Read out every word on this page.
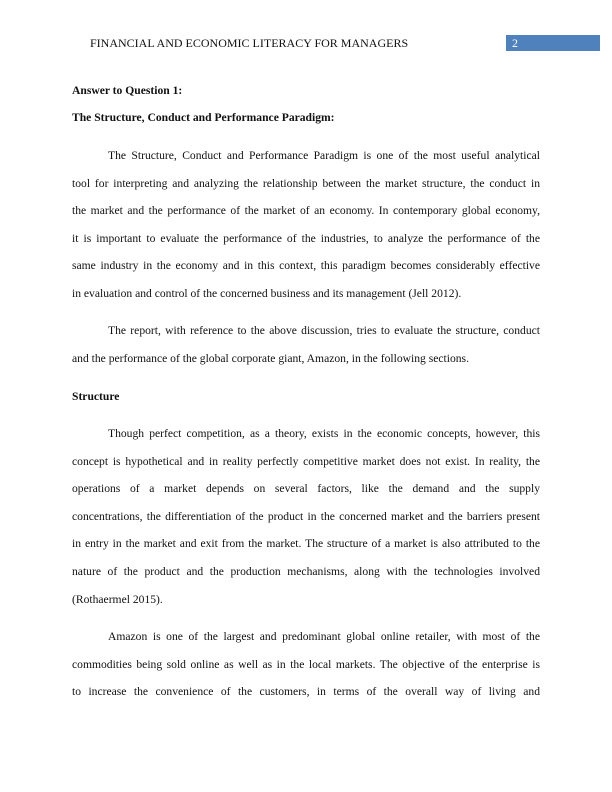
FINANCIAL AND ECONOMIC LITERACY FOR MANAGERS	2
Answer to Question 1:
The Structure, Conduct and Performance Paradigm:
Structure
The Structure, Conduct and Performance Paradigm is one of the most useful analytical
tool for interpreting and analyzing the relationship between the market structure, the conduct in
the market and the performance of the market of an economy. In contemporary global economy,
it is important to evaluate the performance of the industries, to analyze the performance of the
same industry in the economy and in this context, this paradigm becomes considerably effective
in evaluation and control of the concerned business and its management (Jell 2012).
The report, with reference to the above discussion, tries to evaluate the structure, conduct
and the performance of the global corporate giant, Amazon, in the following sections.
Though perfect competition, as a theory, exists in the economic concepts, however, this
concept is hypothetical and in reality perfectly competitive market does not exist. In reality, the
operations of a market depends on several factors, like the demand and the supply
concentrations, the differentiation of the product in the concerned market and the barriers present
in entry in the market and exit from the market. The structure of a market is also attributed to the
nature of the product and the production mechanisms, along with the technologies involved
(Rothaermel 2015).
Amazon is one of the largest and predominant global online retailer, with most of the
commodities being sold online as well as in the local markets. The objective of the enterprise is
to increase the convenience of the customers, in terms of the overall way of living and
